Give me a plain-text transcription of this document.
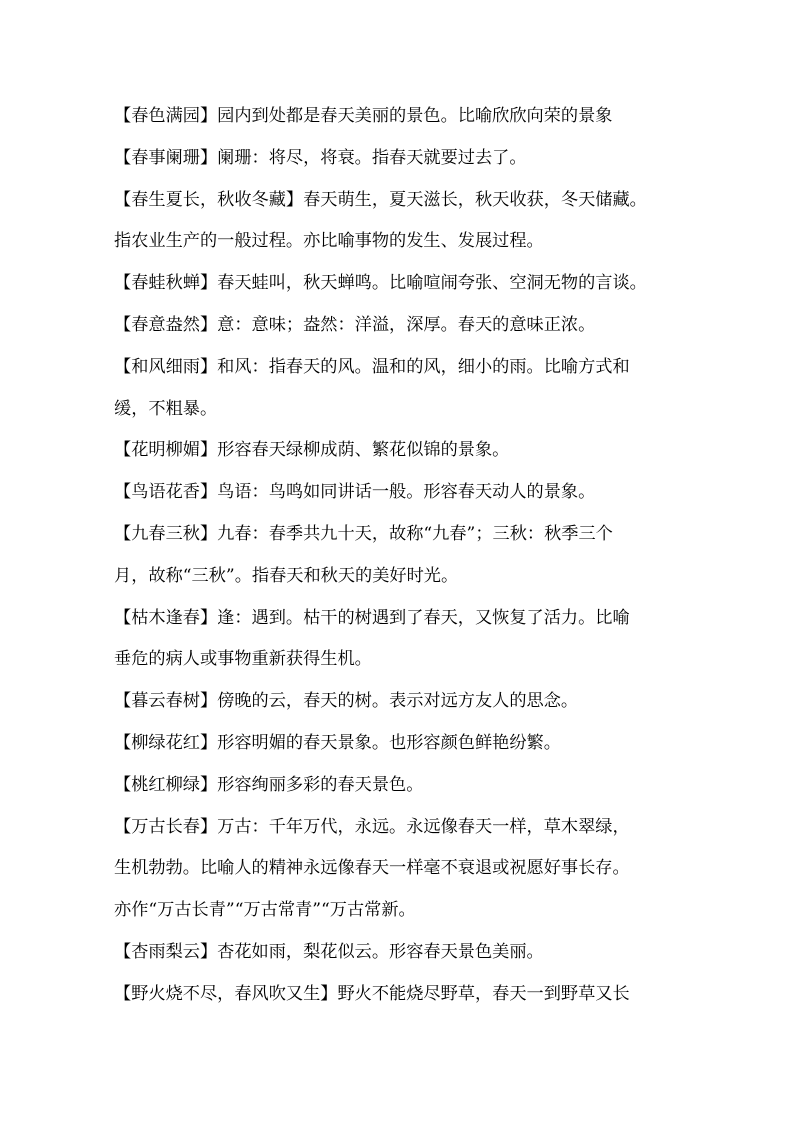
【春色满园】园内到处都是春天美丽的景色。比喻欣欣向荣的景象
【春事阑珊】阑珊：将尽，将衰。指春天就要过去了。
【春生夏长，秋收冬藏】春天萌生，夏天滋长，秋天收获，冬天储藏。
指农业生产的一般过程。亦比喻事物的发生、发展过程。
【春蛙秋蝉】春天蛙叫，秋天蝉鸣。比喻喧闹夸张、空洞无物的言谈。
【春意盎然】意：意味；盎然：洋溢，深厚。春天的意味正浓。
【和风细雨】和风：指春天的风。温和的风，细小的雨。比喻方式和
缓，不粗暴。
【花明柳媚】形容春天绿柳成荫、繁花似锦的景象。
【鸟语花香】鸟语：鸟鸣如同讲话一般。形容春天动人的景象。
【九春三秋】九春：春季共九十天，故称“九春”；三秋：秋季三个
月，故称“三秋”。指春天和秋天的美好时光。
【枯木逢春】逢：遇到。枯干的树遇到了春天，又恢复了活力。比喻
垂危的病人或事物重新获得生机。
【暮云春树】傍晚的云，春天的树。表示对远方友人的思念。
【柳绿花红】形容明媚的春天景象。也形容颜色鲜艳纷繁。
【桃红柳绿】形容绚丽多彩的春天景色。
【万古长春】万古：千年万代，永远。永远像春天一样，草木翠绿，
生机勃勃。比喻人的精神永远像春天一样毫不衰退或祝愿好事长存。
亦作“万古长青”“万古常青”“万古常新。
【杏雨梨云】杏花如雨，梨花似云。形容春天景色美丽。
【野火烧不尽，春风吹又生】野火不能烧尽野草，春天一到野草又长
